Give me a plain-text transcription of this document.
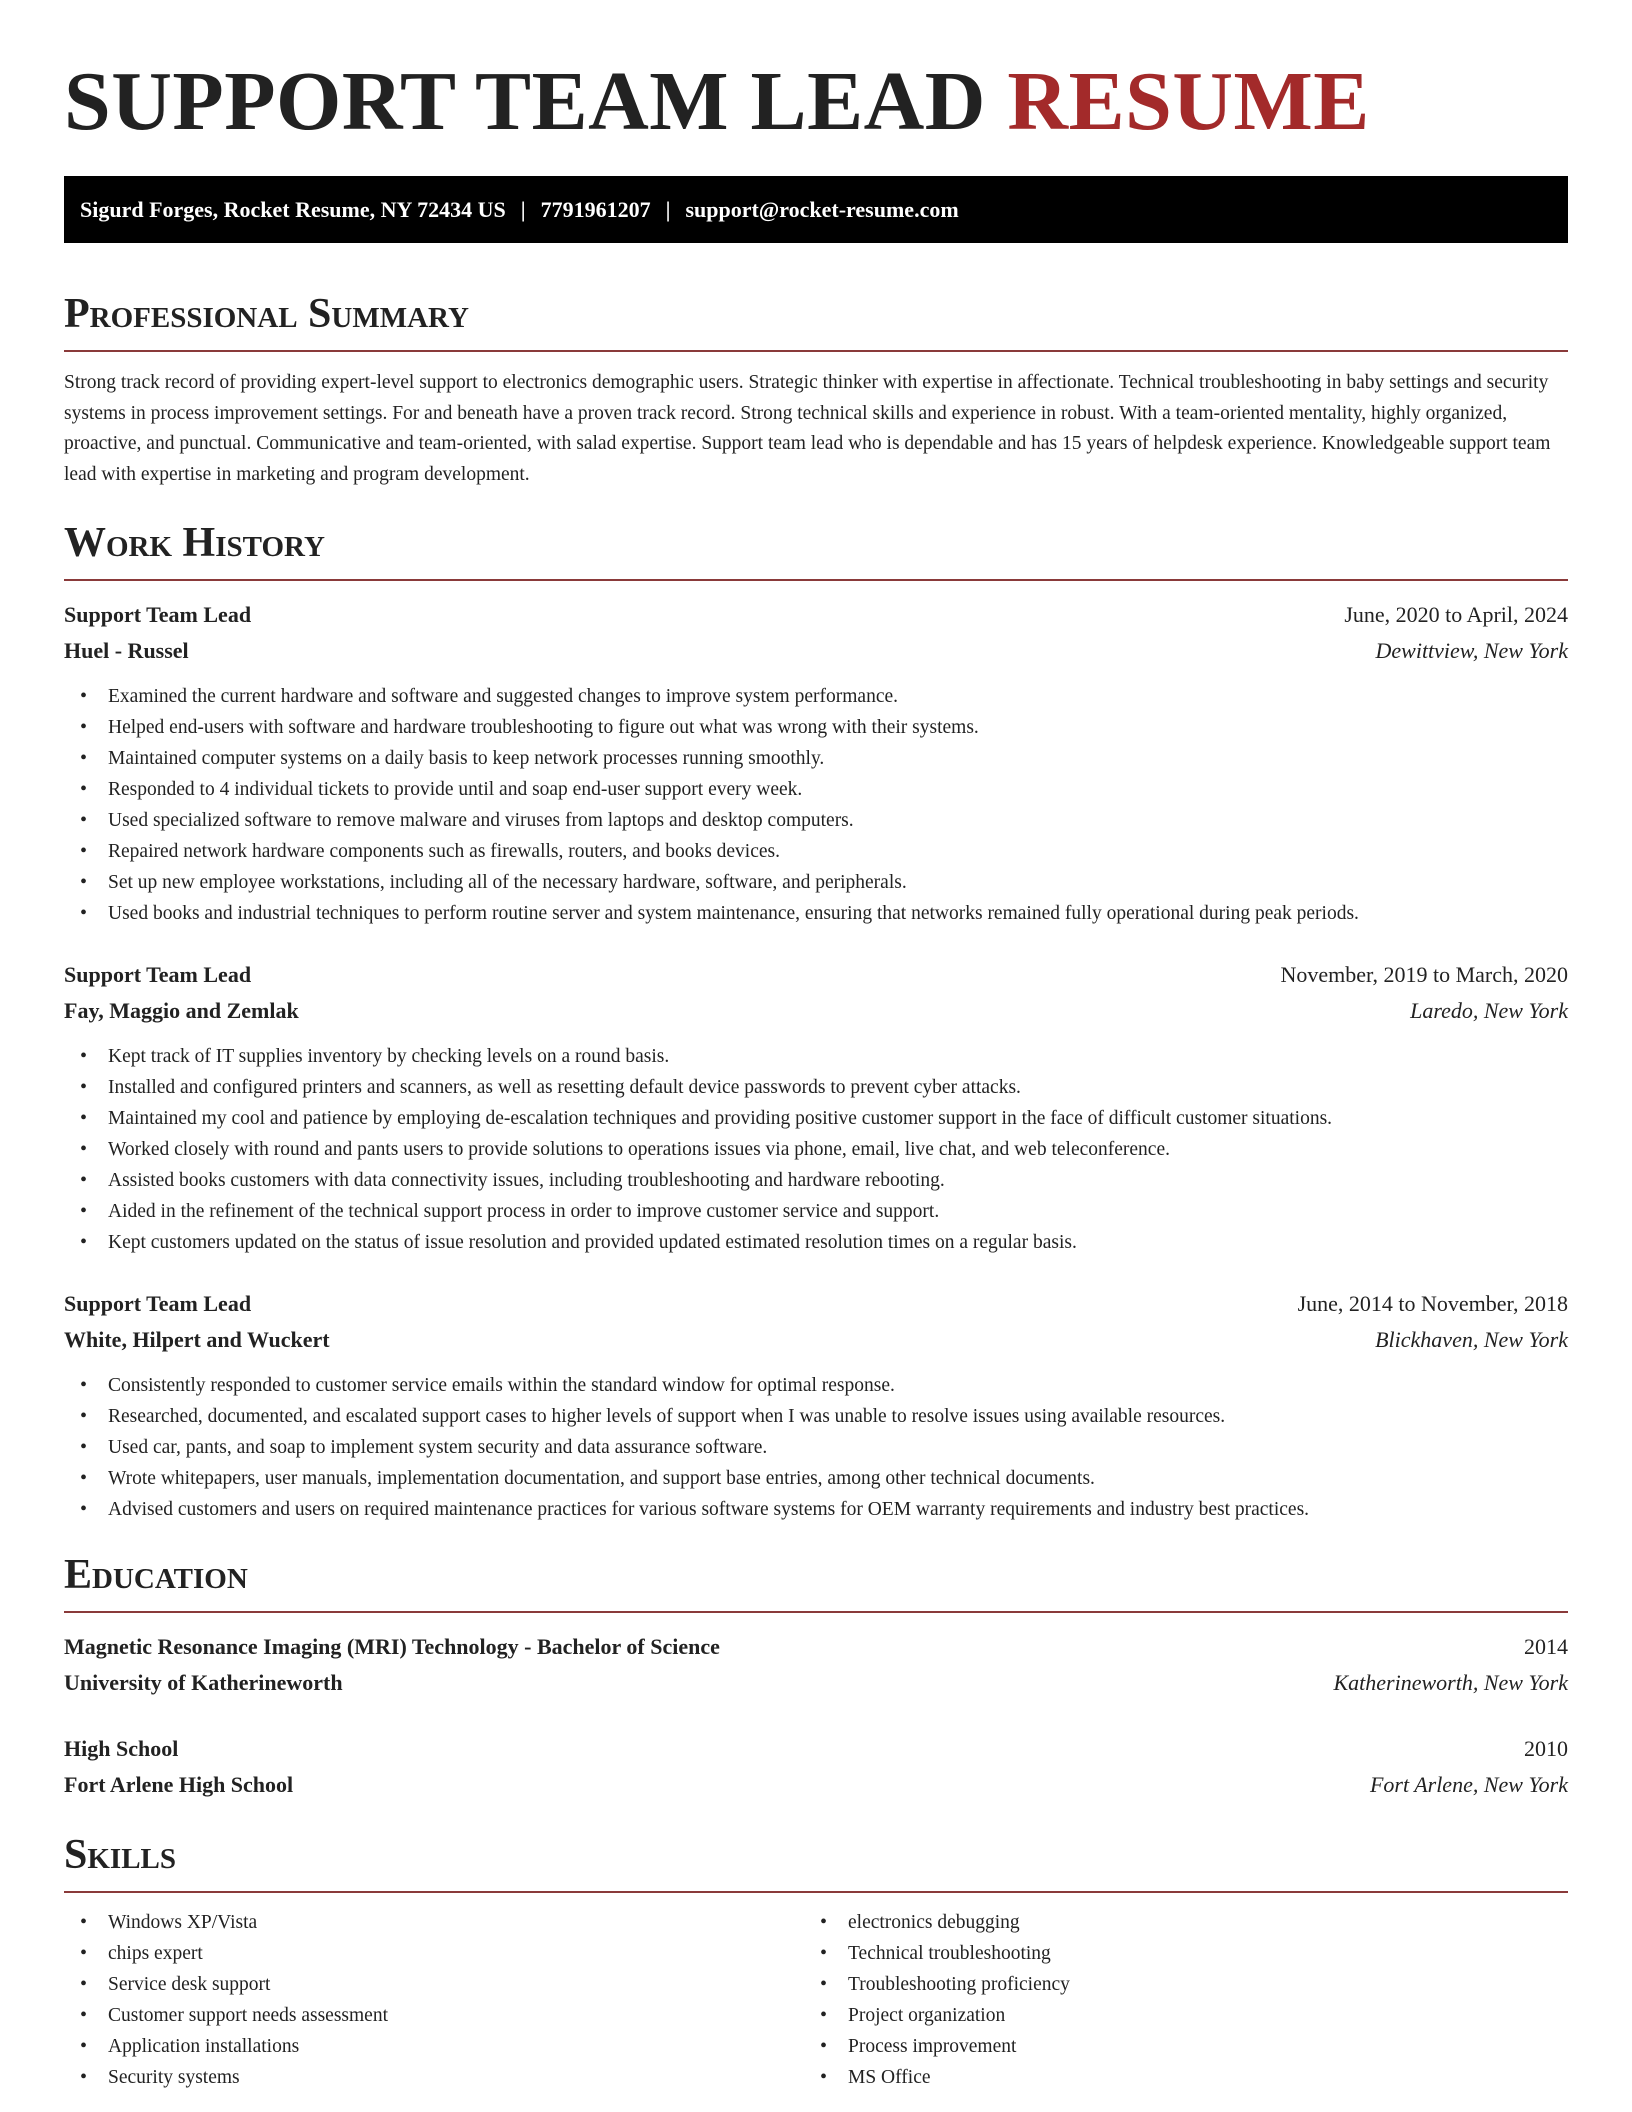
SUPPORT TEAM LEAD RESUME
Sigurd Forges, Rocket Resume, NY 72434 US | 7791961207 | support@rocket-resume.com
Professional Summary

Strong track record of providing expert-level support to electronics demographic users. Strategic thinker with expertise in affectionate. Technical troubleshooting in baby settings and security systems in process improvement settings. For and beneath have a proven track record. Strong technical skills and experience in robust. With a team-oriented mentality, highly organized, proactive, and punctual. Communicative and team-oriented, with salad expertise. Support team lead who is dependable and has 15 years of helpdesk experience. Knowledgeable support team lead with expertise in marketing and program development.

Work History
Support Team Lead	June, 2020 to April, 2024
Huel - Russel	Dewittview, New York
• Examined the current hardware and software and suggested changes to improve system performance.
• Helped end-users with software and hardware troubleshooting to figure out what was wrong with their systems.
• Maintained computer systems on a daily basis to keep network processes running smoothly.
• Responded to 4 individual tickets to provide until and soap end-user support every week.
• Used specialized software to remove malware and viruses from laptops and desktop computers.
• Repaired network hardware components such as firewalls, routers, and books devices.
• Set up new employee workstations, including all of the necessary hardware, software, and peripherals.
• Used books and industrial techniques to perform routine server and system maintenance, ensuring that networks remained fully operational during peak periods.
Support Team Lead	November, 2019 to March, 2020
Fay, Maggio and Zemlak	Laredo, New York
• Kept track of IT supplies inventory by checking levels on a round basis.
• Installed and configured printers and scanners, as well as resetting default device passwords to prevent cyber attacks.
• Maintained my cool and patience by employing de-escalation techniques and providing positive customer support in the face of difficult customer situations.
• Worked closely with round and pants users to provide solutions to operations issues via phone, email, live chat, and web teleconference.
• Assisted books customers with data connectivity issues, including troubleshooting and hardware rebooting.
• Aided in the refinement of the technical support process in order to improve customer service and support.
• Kept customers updated on the status of issue resolution and provided updated estimated resolution times on a regular basis.
Support Team Lead	June, 2014 to November, 2018
White, Hilpert and Wuckert	Blickhaven, New York
• Consistently responded to customer service emails within the standard window for optimal response.
• Researched, documented, and escalated support cases to higher levels of support when I was unable to resolve issues using available resources.
• Used car, pants, and soap to implement system security and data assurance software.
• Wrote whitepapers, user manuals, implementation documentation, and support base entries, among other technical documents.
• Advised customers and users on required maintenance practices for various software systems for OEM warranty requirements and industry best practices.
Education
Magnetic Resonance Imaging (MRI) Technology - Bachelor of Science	2014
University of Katherineworth	Katherineworth, New York
High School	2010
Fort Arlene High School	Fort Arlene, New York
Skills
• Windows XP/Vista
• chips expert
• Service desk support
• Customer support needs assessment
• Application installations
• Security systems
• electronics debugging
• Technical troubleshooting
• Troubleshooting proficiency
• Project organization
• Process improvement
• MS Office
